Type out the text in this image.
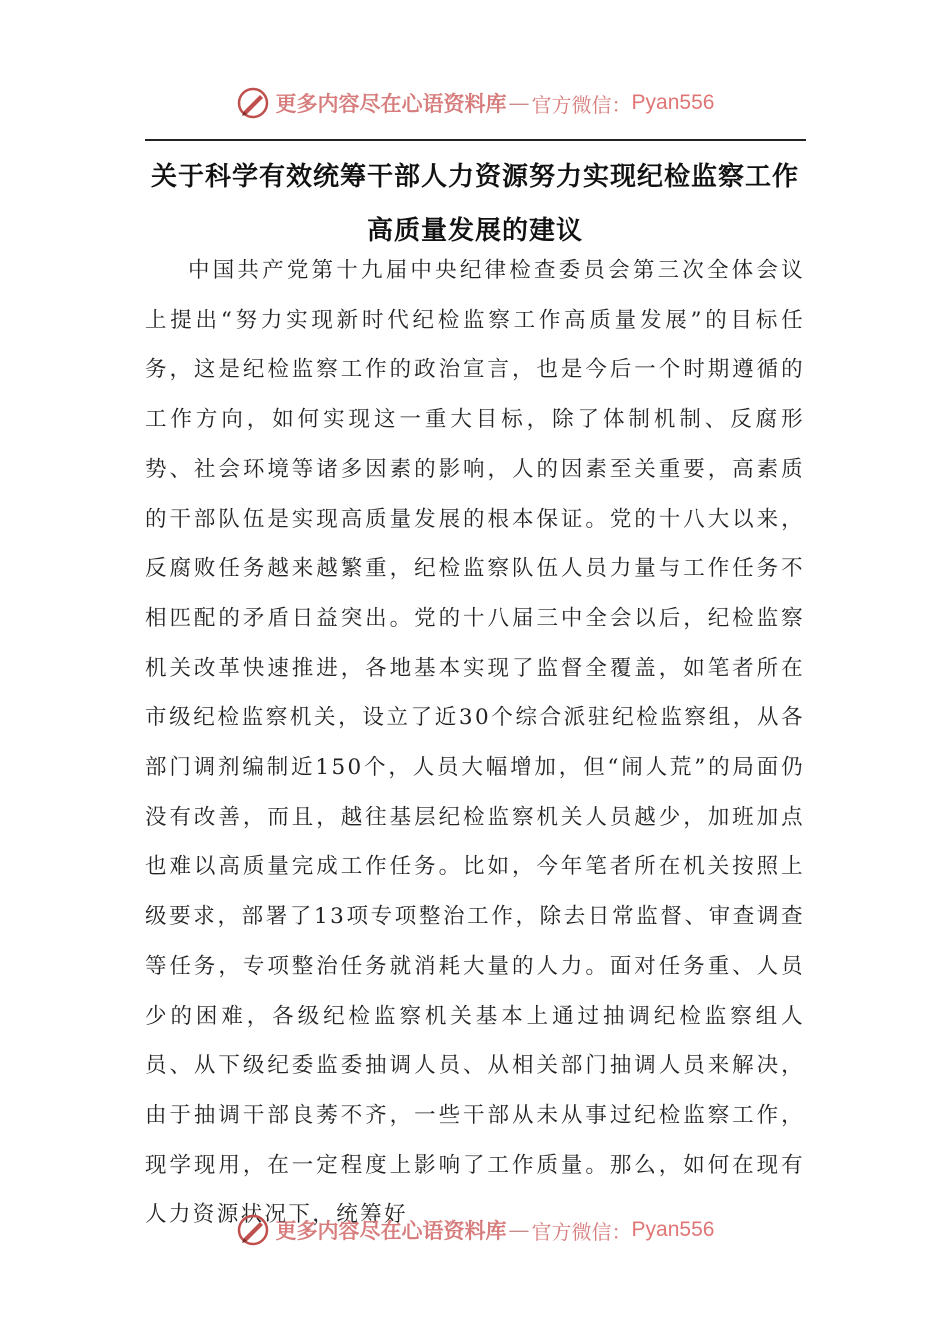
更多内容尽在心语资料库 — 官方微信： Pyan556
关于科学有效统筹干部人力资源努力实现纪检监察工作高质量发展的建议
中国共产党第十九届中央纪律检查委员会第三次全体会议上提出“努力实现新时代纪检监察工作高质量发展”的目标任务，这是纪检监察工作的政治宣言，也是今后一个时期遵循的工作方向，如何实现这一重大目标，除了体制机制、反腐形势、社会环境等诸多因素的影响，人的因素至关重要，高素质的干部队伍是实现高质量发展的根本保证。党的十八大以来，反腐败任务越来越繁重，纪检监察队伍人员力量与工作任务不相匹配的矛盾日益突出。党的十八届三中全会以后，纪检监察机关改革快速推进，各地基本实现了监督全覆盖，如笔者所在市级纪检监察机关，设立了近30个综合派驻纪检监察组，从各部门调剂编制近150个，人员大幅增加，但“闹人荒”的局面仍没有改善，而且，越往基层纪检监察机关人员越少，加班加点也难以高质量完成工作任务。比如，今年笔者所在机关按照上级要求，部署了13项专项整治工作，除去日常监督、审查调查等任务，专项整治任务就消耗大量的人力。面对任务重、人员少的困难，各级纪检监察机关基本上通过抽调纪检监察组人员、从下级纪委监委抽调人员、从相关部门抽调人员来解决，由于抽调干部良莠不齐，一些干部从未从事过纪检监察工作，现学现用，在一定程度上影响了工作质量。那么，如何在现有人力资源状况下，统筹好
更多内容尽在心语资料库 — 官方微信： Pyan556
